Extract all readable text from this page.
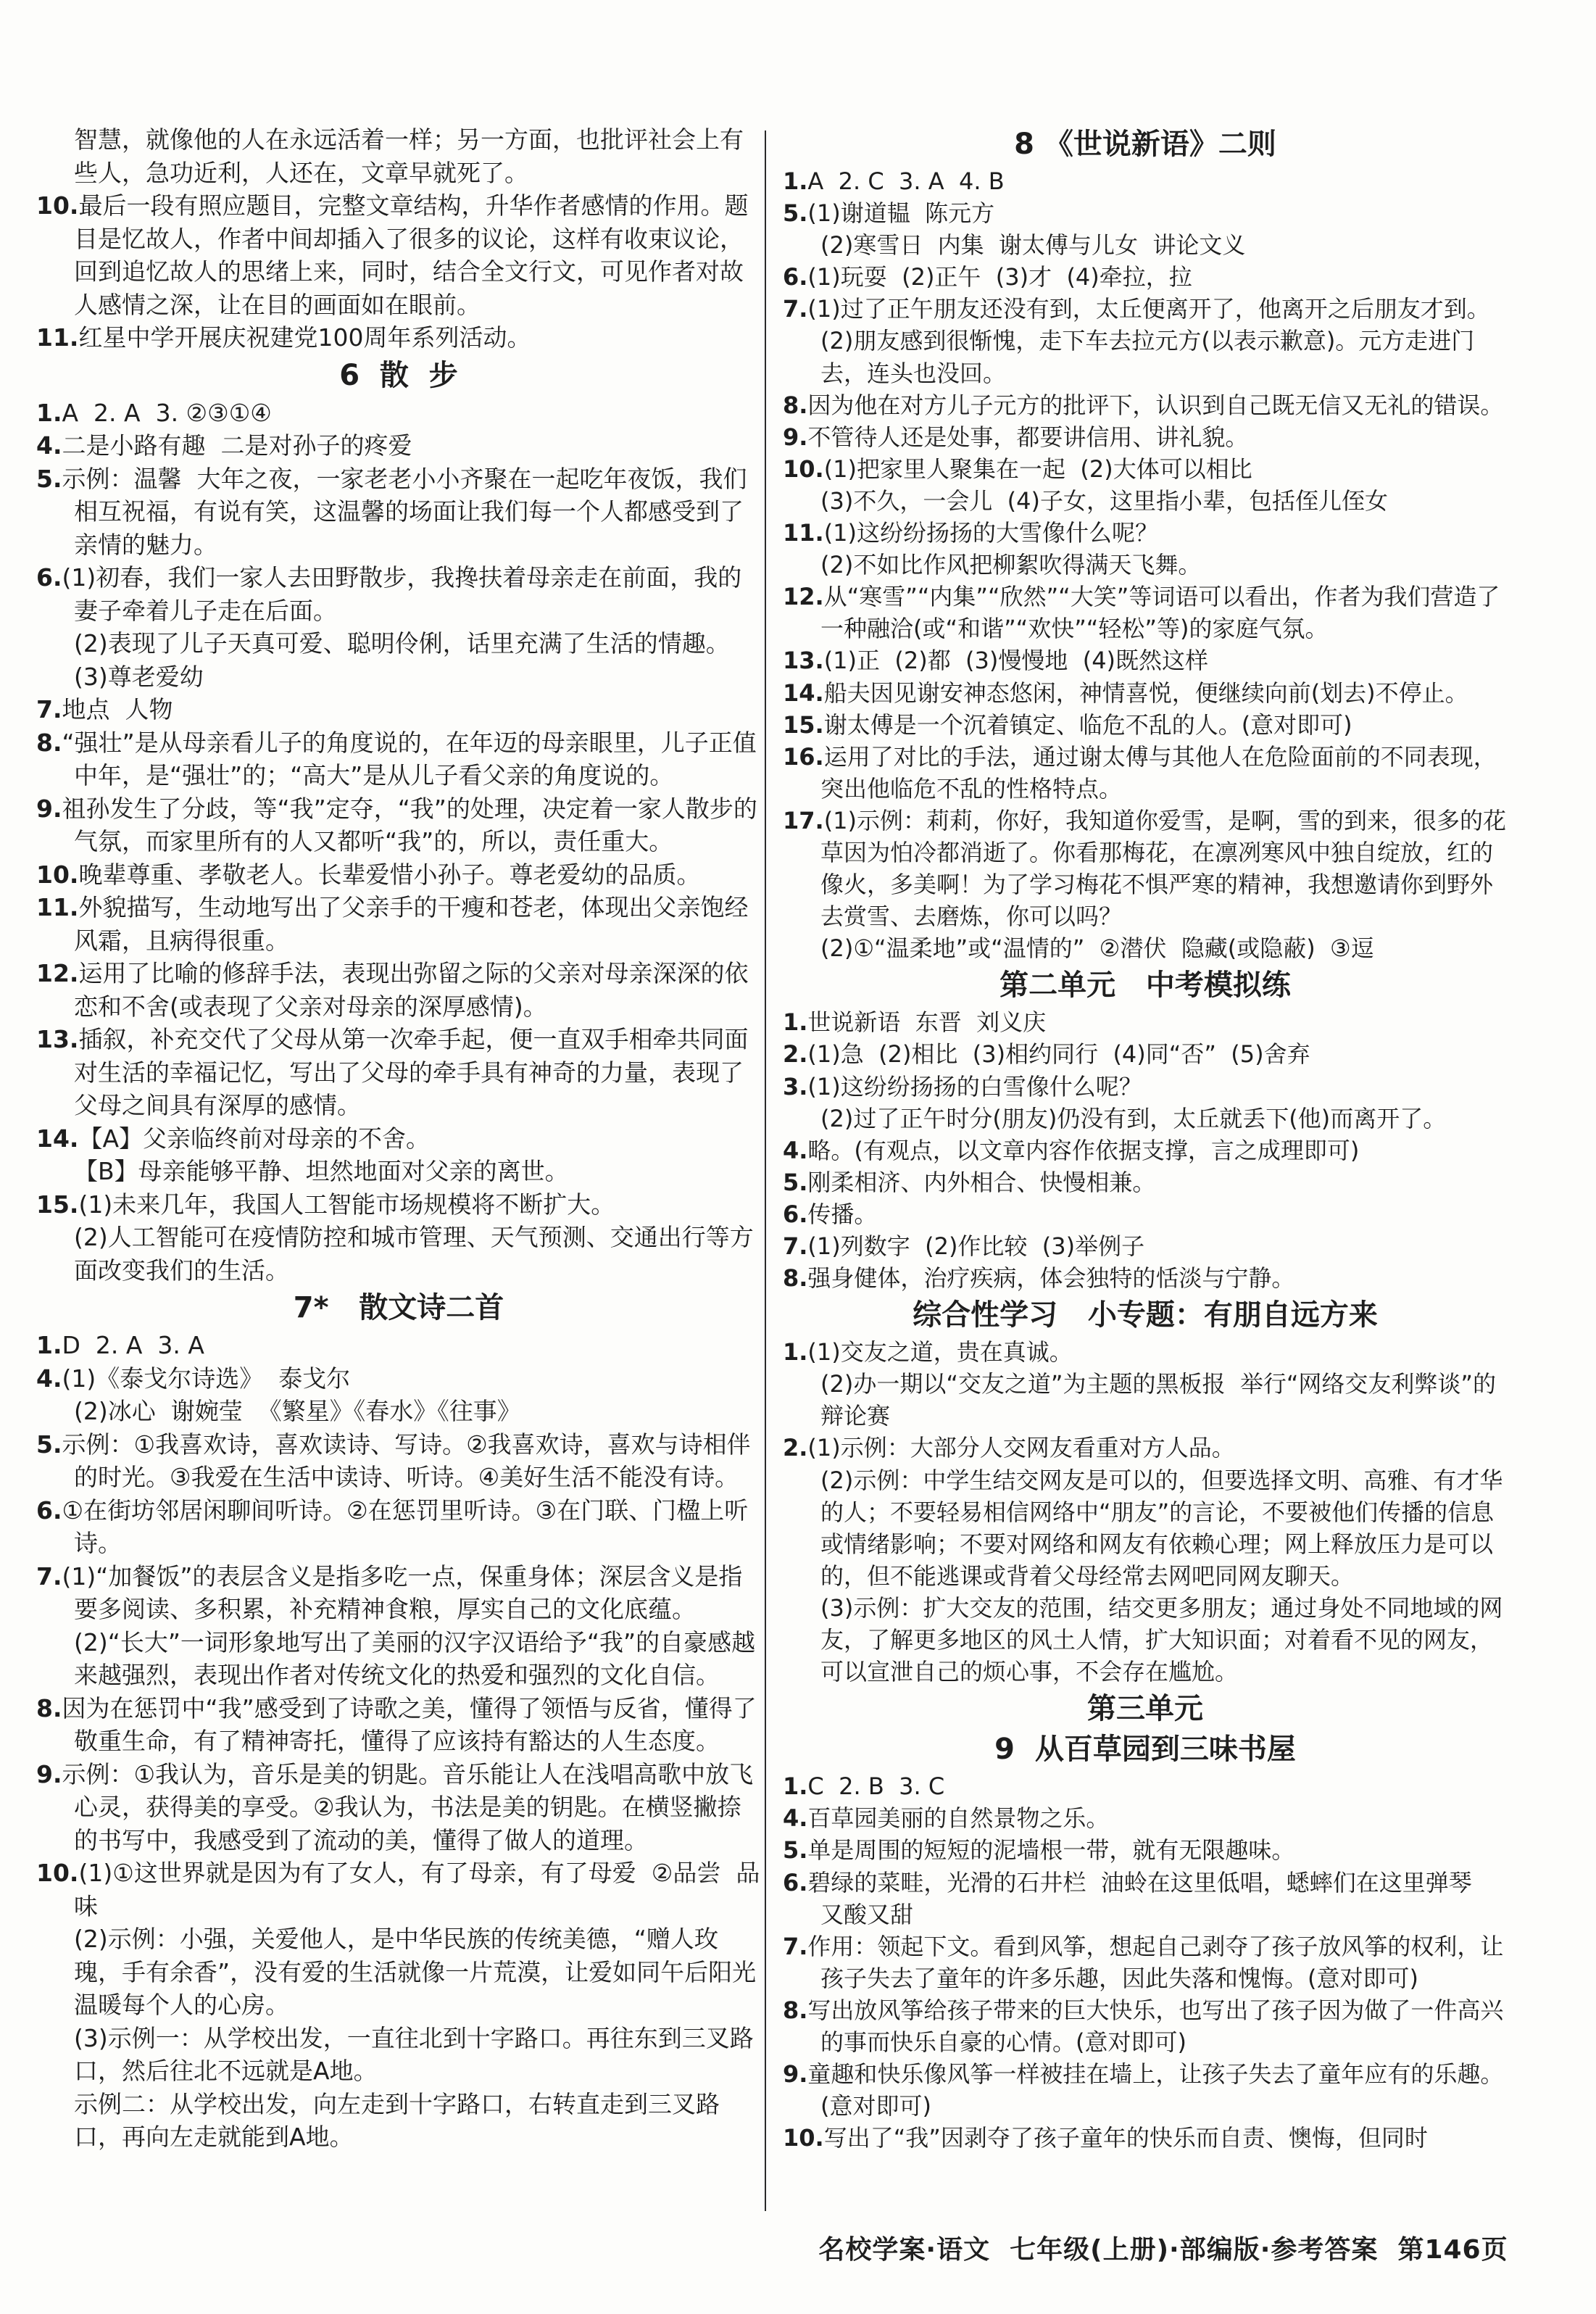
智慧，就像他的人在永远活着一样；另一方面，也批评社会上有些人，急功近利，人还在，文章早就死了。
10.最后一段有照应题目，完整文章结构，升华作者感情的作用。题目是忆故人，作者中间却插入了很多的议论，这样有收束议论，回到追忆故人的思绪上来，同时，结合全文行文，可见作者对故人感情之深，让在目的画面如在眼前。
11.红星中学开展庆祝建党100周年系列活动。
6  散  步
1.A  2. A  3. ②③①④
4.二是小路有趣  二是对孙子的疼爱
5.示例：温馨  大年之夜，一家老老小小齐聚在一起吃年夜饭，我们相互祝福，有说有笑，这温馨的场面让我们每一个人都感受到了亲情的魅力。
6.(1)初春，我们一家人去田野散步，我搀扶着母亲走在前面，我的妻子牵着儿子走在后面。
(2)表现了儿子天真可爱、聪明伶俐，话里充满了生活的情趣。
(3)尊老爱幼
7.地点  人物
8.“强壮”是从母亲看儿子的角度说的，在年迈的母亲眼里，儿子正值中年，是“强壮”的；“高大”是从儿子看父亲的角度说的。
9.祖孙发生了分歧，等“我”定夺，“我”的处理，决定着一家人散步的气氛，而家里所有的人又都听“我”的，所以，责任重大。
10.晚辈尊重、孝敬老人。长辈爱惜小孙子。尊老爱幼的品质。
11.外貌描写，生动地写出了父亲手的干瘦和苍老，体现出父亲饱经风霜，且病得很重。
12.运用了比喻的修辞手法，表现出弥留之际的父亲对母亲深深的依恋和不舍(或表现了父亲对母亲的深厚感情)。
13.插叙，补充交代了父母从第一次牵手起，便一直双手相牵共同面对生活的幸福记忆，写出了父母的牵手具有神奇的力量，表现了父母之间具有深厚的感情。
14.【A】父亲临终前对母亲的不舍。
【B】母亲能够平静、坦然地面对父亲的离世。
15.(1)未来几年，我国人工智能市场规模将不断扩大。
(2)人工智能可在疫情防控和城市管理、天气预测、交通出行等方面改变我们的生活。
7*   散文诗二首
1.D  2. A  3. A
4.(1)《泰戈尔诗选》  泰戈尔
(2)冰心  谢婉莹  《繁星》《春水》《往事》
5.示例：①我喜欢诗，喜欢读诗、写诗。②我喜欢诗，喜欢与诗相伴的时光。③我爱在生活中读诗、听诗。④美好生活不能没有诗。
6.①在街坊邻居闲聊间听诗。②在惩罚里听诗。③在门联、门楹上听诗。
7.(1)“加餐饭”的表层含义是指多吃一点，保重身体；深层含义是指要多阅读、多积累，补充精神食粮，厚实自己的文化底蕴。
(2)“长大”一词形象地写出了美丽的汉字汉语给予“我”的自豪感越来越强烈，表现出作者对传统文化的热爱和强烈的文化自信。
8.因为在惩罚中“我”感受到了诗歌之美，懂得了领悟与反省，懂得了敬重生命，有了精神寄托，懂得了应该持有豁达的人生态度。
9.示例：①我认为，音乐是美的钥匙。音乐能让人在浅唱高歌中放飞心灵，获得美的享受。②我认为，书法是美的钥匙。在横竖撇捺的书写中，我感受到了流动的美，懂得了做人的道理。
10.(1)①这世界就是因为有了女人，有了母亲，有了母爱  ②品尝  品味
(2)示例：小强，关爱他人，是中华民族的传统美德，“赠人玫瑰，手有余香”，没有爱的生活就像一片荒漠，让爱如同午后阳光温暖每个人的心房。
(3)示例一：从学校出发，一直往北到十字路口。再往东到三叉路口，然后往北不远就是A地。
示例二：从学校出发，向左走到十字路口，右转直走到三叉路口，再向左走就能到A地。
8 《世说新语》二则
1.A  2. C  3. A  4. B
5.(1)谢道韫  陈元方
(2)寒雪日  内集  谢太傅与儿女  讲论文义
6.(1)玩耍  (2)正午  (3)才  (4)牵拉，拉
7.(1)过了正午朋友还没有到，太丘便离开了，他离开之后朋友才到。
(2)朋友感到很惭愧，走下车去拉元方(以表示歉意)。元方走进门去，连头也没回。
8.因为他在对方儿子元方的批评下，认识到自己既无信又无礼的错误。
9.不管待人还是处事，都要讲信用、讲礼貌。
10.(1)把家里人聚集在一起  (2)大体可以相比
(3)不久，一会儿  (4)子女，这里指小辈，包括侄儿侄女
11.(1)这纷纷扬扬的大雪像什么呢？
(2)不如比作风把柳絮吹得满天飞舞。
12.从“寒雪”“内集”“欣然”“大笑”等词语可以看出，作者为我们营造了一种融洽(或“和谐”“欢快”“轻松”等)的家庭气氛。
13.(1)正  (2)都  (3)慢慢地  (4)既然这样
14.船夫因见谢安神态悠闲，神情喜悦，便继续向前(划去)不停止。
15.谢太傅是一个沉着镇定、临危不乱的人。(意对即可)
16.运用了对比的手法，通过谢太傅与其他人在危险面前的不同表现，突出他临危不乱的性格特点。
17.(1)示例：莉莉，你好，我知道你爱雪，是啊，雪的到来，很多的花草因为怕冷都消逝了。你看那梅花，在凛冽寒风中独自绽放，红的像火，多美啊！为了学习梅花不惧严寒的精神，我想邀请你到野外去赏雪、去磨炼，你可以吗？
(2)①“温柔地”或“温情的”  ②潜伏  隐藏(或隐蔽)  ③逗
第二单元   中考模拟练
1.世说新语  东晋  刘义庆
2.(1)急  (2)相比  (3)相约同行  (4)同“否”  (5)舍弃
3.(1)这纷纷扬扬的白雪像什么呢？
(2)过了正午时分(朋友)仍没有到，太丘就丢下(他)而离开了。
4.略。(有观点，以文章内容作依据支撑，言之成理即可)
5.刚柔相济、内外相合、快慢相兼。
6.传播。
7.(1)列数字  (2)作比较  (3)举例子
8.强身健体，治疗疾病，体会独特的恬淡与宁静。
综合性学习   小专题：有朋自远方来
1.(1)交友之道，贵在真诚。
(2)办一期以“交友之道”为主题的黑板报  举行“网络交友利弊谈”的辩论赛
2.(1)示例：大部分人交网友看重对方人品。
(2)示例：中学生结交网友是可以的，但要选择文明、高雅、有才华的人；不要轻易相信网络中“朋友”的言论，不要被他们传播的信息或情绪影响；不要对网络和网友有依赖心理；网上释放压力是可以的，但不能逃课或背着父母经常去网吧同网友聊天。
(3)示例：扩大交友的范围，结交更多朋友；通过身处不同地域的网友，了解更多地区的风土人情，扩大知识面；对着看不见的网友，可以宣泄自己的烦心事，不会存在尴尬。
第三单元
9  从百草园到三味书屋
1.C  2. B  3. C
4.百草园美丽的自然景物之乐。
5.单是周围的短短的泥墙根一带，就有无限趣味。
6.碧绿的菜畦，光滑的石井栏  油蛉在这里低唱，蟋蟀们在这里弹琴  又酸又甜
7.作用：领起下文。看到风筝，想起自己剥夺了孩子放风筝的权利，让孩子失去了童年的许多乐趣，因此失落和愧悔。(意对即可)
8.写出放风筝给孩子带来的巨大快乐，也写出了孩子因为做了一件高兴的事而快乐自豪的心情。(意对即可)
9.童趣和快乐像风筝一样被挂在墙上，让孩子失去了童年应有的乐趣。(意对即可)
10.写出了“我”因剥夺了孩子童年的快乐而自责、懊悔，但同时
名校学案·语文  七年级(上册)·部编版·参考答案  第146页
